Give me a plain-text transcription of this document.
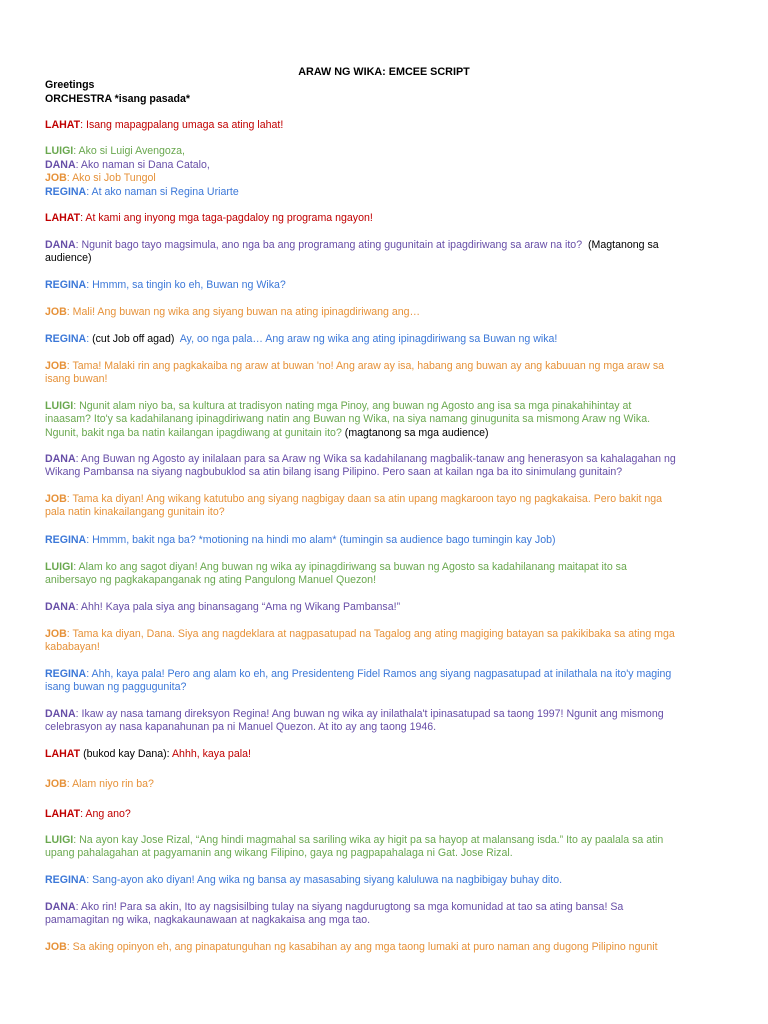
ARAW NG WIKA: EMCEE SCRIPT
Greetings
ORCHESTRA *isang pasada*

LAHAT: Isang mapagpalang umaga sa ating lahat!

LUIGI: Ako si Luigi Avengoza,

DANA: Ako naman si Dana Catalo,

JOB: Ako si Job Tungol

REGINA: At ako naman si Regina Uriarte

LAHAT: At kami ang inyong mga taga-pagdaloy ng programa ngayon!

DANA: Ngunit bago tayo magsimula, ano nga ba ang programang ating gugunitain at ipagdiriwang sa araw na ito? (Magtanong sa
audience)

REGINA: Hmmm, sa tingin ko eh, Buwan ng Wika?

JOB: Mali! Ang buwan ng wika ang siyang buwan na ating ipinagdiriwang ang…

REGINA: (cut Job off agad) Ay, oo nga pala… Ang araw ng wika ang ating ipinagdiriwang sa Buwan ng wika!

JOB: Tama! Malaki rin ang pagkakaiba ng araw at buwan 'no! Ang araw ay isa, habang ang buwan ay ang kabuuan ng mga araw sa
isang buwan!

LUIGI: Ngunit alam niyo ba, sa kultura at tradisyon nating mga Pinoy, ang buwan ng Agosto ang isa sa mga pinakahihintay at
inaasam? Ito'y sa kadahilanang ipinagdiriwang natin ang Buwan ng Wika, na siya namang ginugunita sa mismong Araw ng Wika.
Ngunit, bakit nga ba natin kailangan ipagdiwang at gunitain ito? (magtanong sa mga audience)

DANA: Ang Buwan ng Agosto ay inilalaan para sa Araw ng Wika sa kadahilanang magbalik-tanaw ang henerasyon sa kahalagahan ng
Wikang Pambansa na siyang nagbubuklod sa atin bilang isang Pilipino. Pero saan at kailan nga ba ito sinimulang gunitain?

JOB: Tama ka diyan! Ang wikang katutubo ang siyang nagbigay daan sa atin upang magkaroon tayo ng pagkakaisa. Pero bakit nga
pala natin kinakailangang gunitain ito?

REGINA: Hmmm, bakit nga ba? *motioning na hindi mo alam* (tumingin sa audience bago tumingin kay Job)

LUIGI: Alam ko ang sagot diyan! Ang buwan ng wika ay ipinagdiriwang sa buwan ng Agosto sa kadahilanang maitapat ito sa
anibersayo ng pagkakapanganak ng ating Pangulong Manuel Quezon!

DANA: Ahh! Kaya pala siya ang binansagang “Ama ng Wikang Pambansa!”

JOB: Tama ka diyan, Dana. Siya ang nagdeklara at nagpasatupad na Tagalog ang ating magiging batayan sa pakikibaka sa ating mga
kababayan!

REGINA: Ahh, kaya pala! Pero ang alam ko eh, ang Presidenteng Fidel Ramos ang siyang nagpasatupad at inilathala na ito'y maging
isang buwan ng paggugunita?

DANA: Ikaw ay nasa tamang direksyon Regina! Ang buwan ng wika ay inilathala't ipinasatupad sa taong 1997! Ngunit ang mismong
celebrasyon ay nasa kapanahunan pa ni Manuel Quezon. At ito ay ang taong 1946.

LAHAT (bukod kay Dana): Ahhh, kaya pala!

JOB: Alam niyo rin ba?

LAHAT: Ang ano?

LUIGI: Na ayon kay Jose Rizal, “Ang hindi magmahal sa sariling wika ay higit pa sa hayop at malansang isda.” Ito ay paalala sa atin
upang pahalagahan at pagyamanin ang wikang Filipino, gaya ng pagpapahalaga ni Gat. Jose Rizal.

REGINA: Sang-ayon ako diyan! Ang wika ng bansa ay masasabing siyang kaluluwa na nagbibigay buhay dito.

DANA: Ako rin! Para sa akin, Ito ay nagsisilbing tulay na siyang nagdurugtong sa mga komunidad at tao sa ating bansa! Sa
pamamagitan ng wika, nagkakaunawaan at nagkakaisa ang mga tao.

JOB: Sa aking opinyon eh, ang pinapatunguhan ng kasabihan ay ang mga taong lumaki at puro naman ang dugong Pilipino ngunit
